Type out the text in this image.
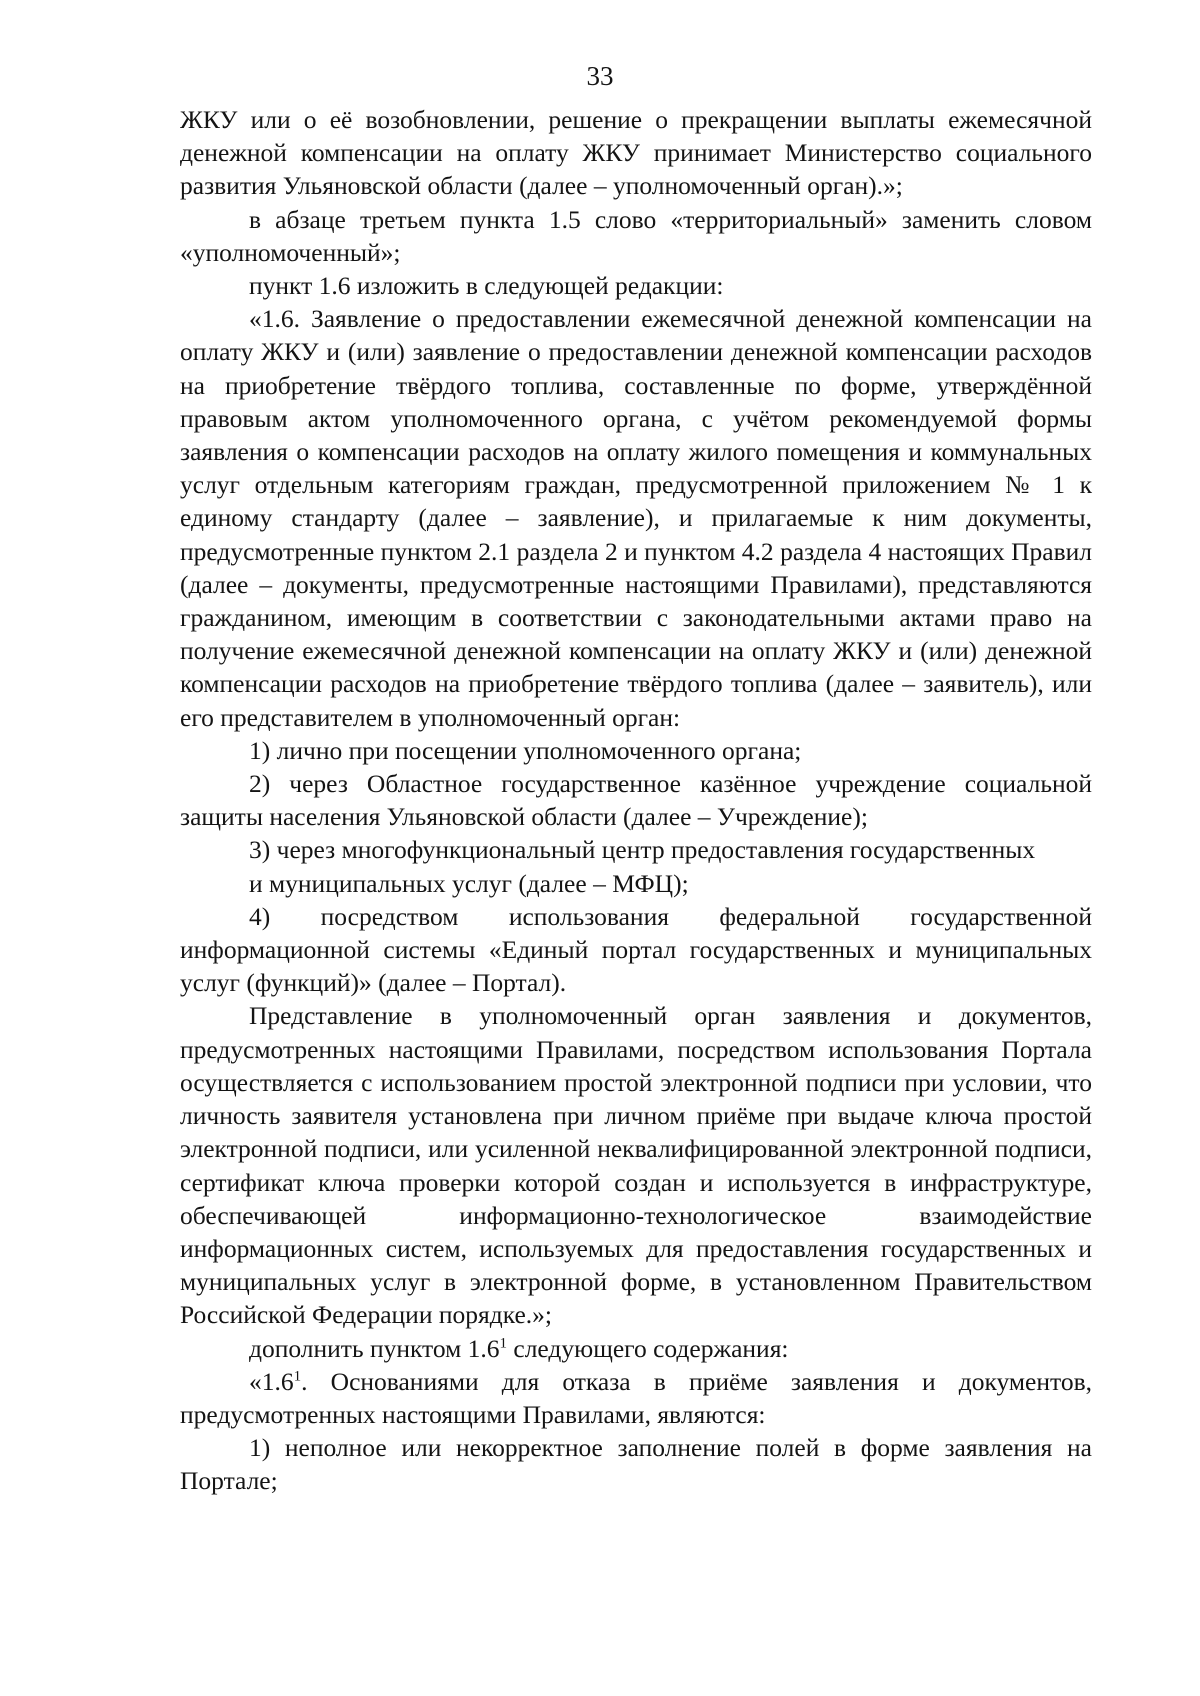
33

ЖКУ или о её возобновлении, решение о прекращении выплаты ежемесячной денежной компенсации на оплату ЖКУ принимает Министерство социального развития Ульяновской области (далее – уполномоченный орган).»;

в абзаце третьем пункта 1.5 слово «территориальный» заменить словом «уполномоченный»;

пункт 1.6 изложить в следующей редакции:

«1.6. Заявление о предоставлении ежемесячной денежной компенсации на оплату ЖКУ и (или) заявление о предоставлении денежной компенсации расходов на приобретение твёрдого топлива, составленные по форме, утверждённой правовым актом уполномоченного органа, с учётом рекомендуемой формы заявления о компенсации расходов на оплату жилого помещения и коммунальных услуг отдельным категориям граждан, предусмотренной приложением № 1 к единому стандарту (далее – заявление), и прилагаемые к ним документы, предусмотренные пунктом 2.1 раздела 2 и пунктом 4.2 раздела 4 настоящих Правил (далее – документы, предусмотренные настоящими Правилами), представляются гражданином, имеющим в соответствии с законодательными актами право на получение ежемесячной денежной компенсации на оплату ЖКУ и (или) денежной компенсации расходов на приобретение твёрдого топлива (далее – заявитель), или его представителем в уполномоченный орган:

1) лично при посещении уполномоченного органа;

2) через Областное государственное казённое учреждение социальной защиты населения Ульяновской области (далее – Учреждение);

3) через многофункциональный центр предоставления государственных
и муниципальных услуг (далее – МФЦ);

4) посредством использования федеральной государственной информационной системы «Единый портал государственных и муниципальных услуг (функций)» (далее – Портал).

Представление в уполномоченный орган заявления и документов, предусмотренных настоящими Правилами, посредством использования Портала осуществляется с использованием простой электронной подписи при условии, что личность заявителя установлена при личном приёме при выдаче ключа простой электронной подписи, или усиленной неквалифицированной электронной подписи, сертификат ключа проверки которой создан и используется в инфраструктуре, обеспечивающей информационно-технологическое взаимодействие информационных систем, используемых для предоставления государственных и муниципальных услуг в электронной форме, в установленном Правительством Российской Федерации порядке.»;

дополнить пунктом $1.6^1$ следующего содержания:

«$1.6^1$. Основаниями для отказа в приёме заявления и документов, предусмотренных настоящими Правилами, являются:

1) неполное или некорректное заполнение полей в форме заявления на Портале;
